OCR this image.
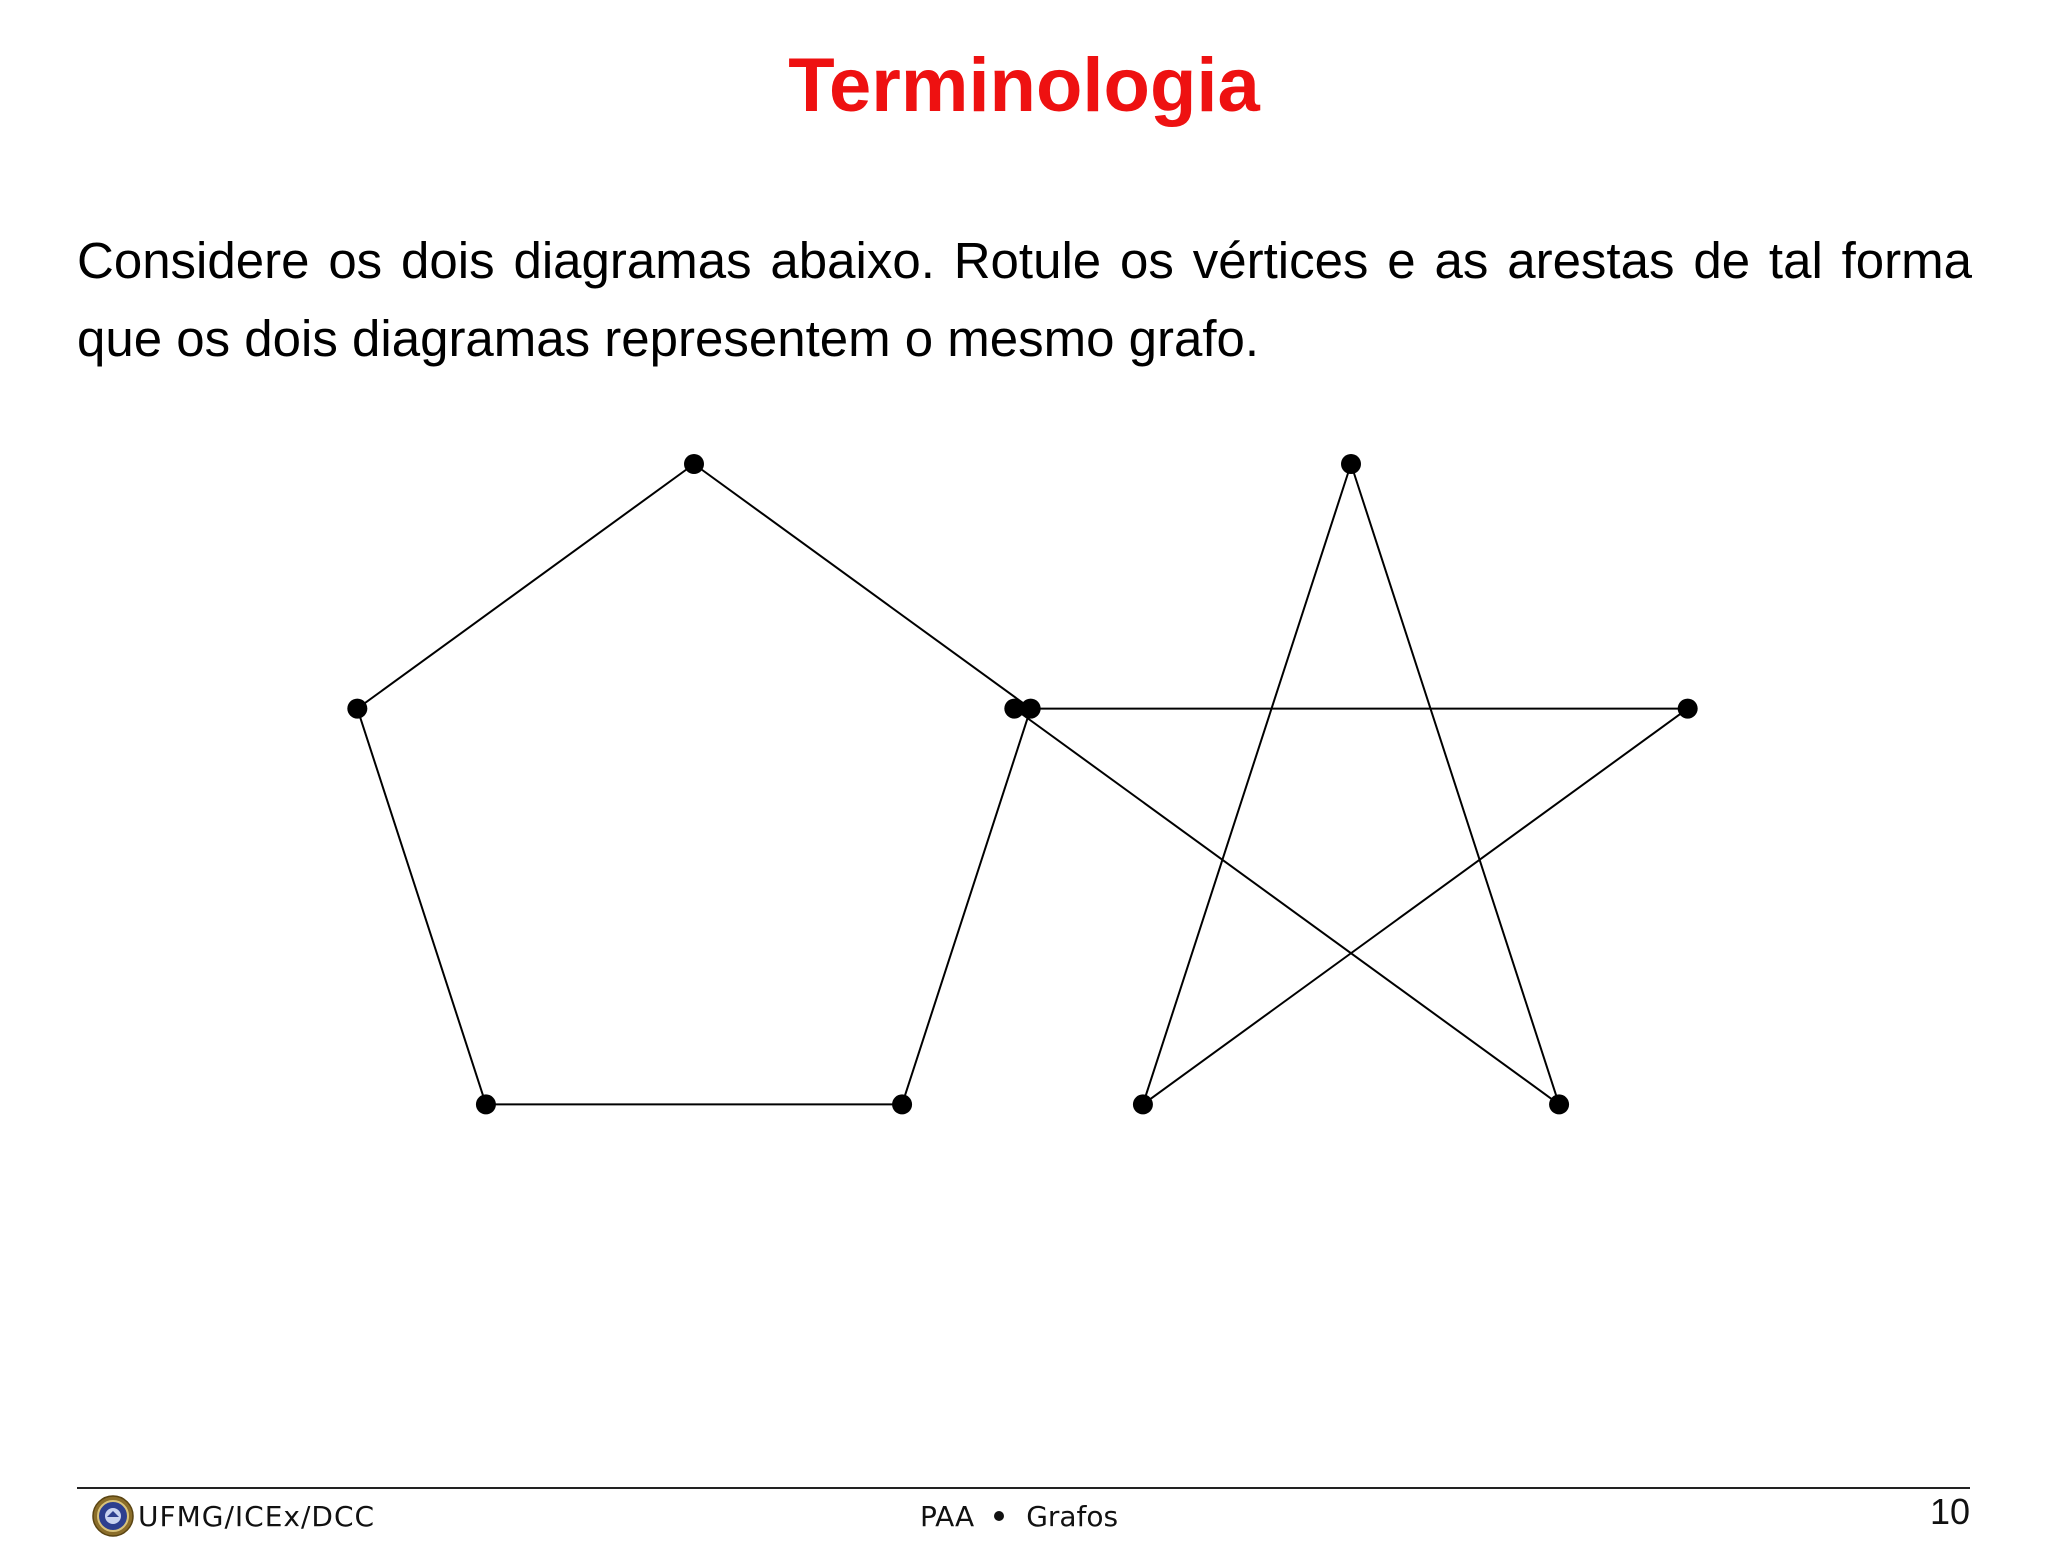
Terminologia

Considere os dois diagramas abaixo. Rotule os vértices e as arestas de tal forma que os dois diagramas representem o mesmo grafo.

UFMG/ICEx/DCC	PAA Grafos	10
